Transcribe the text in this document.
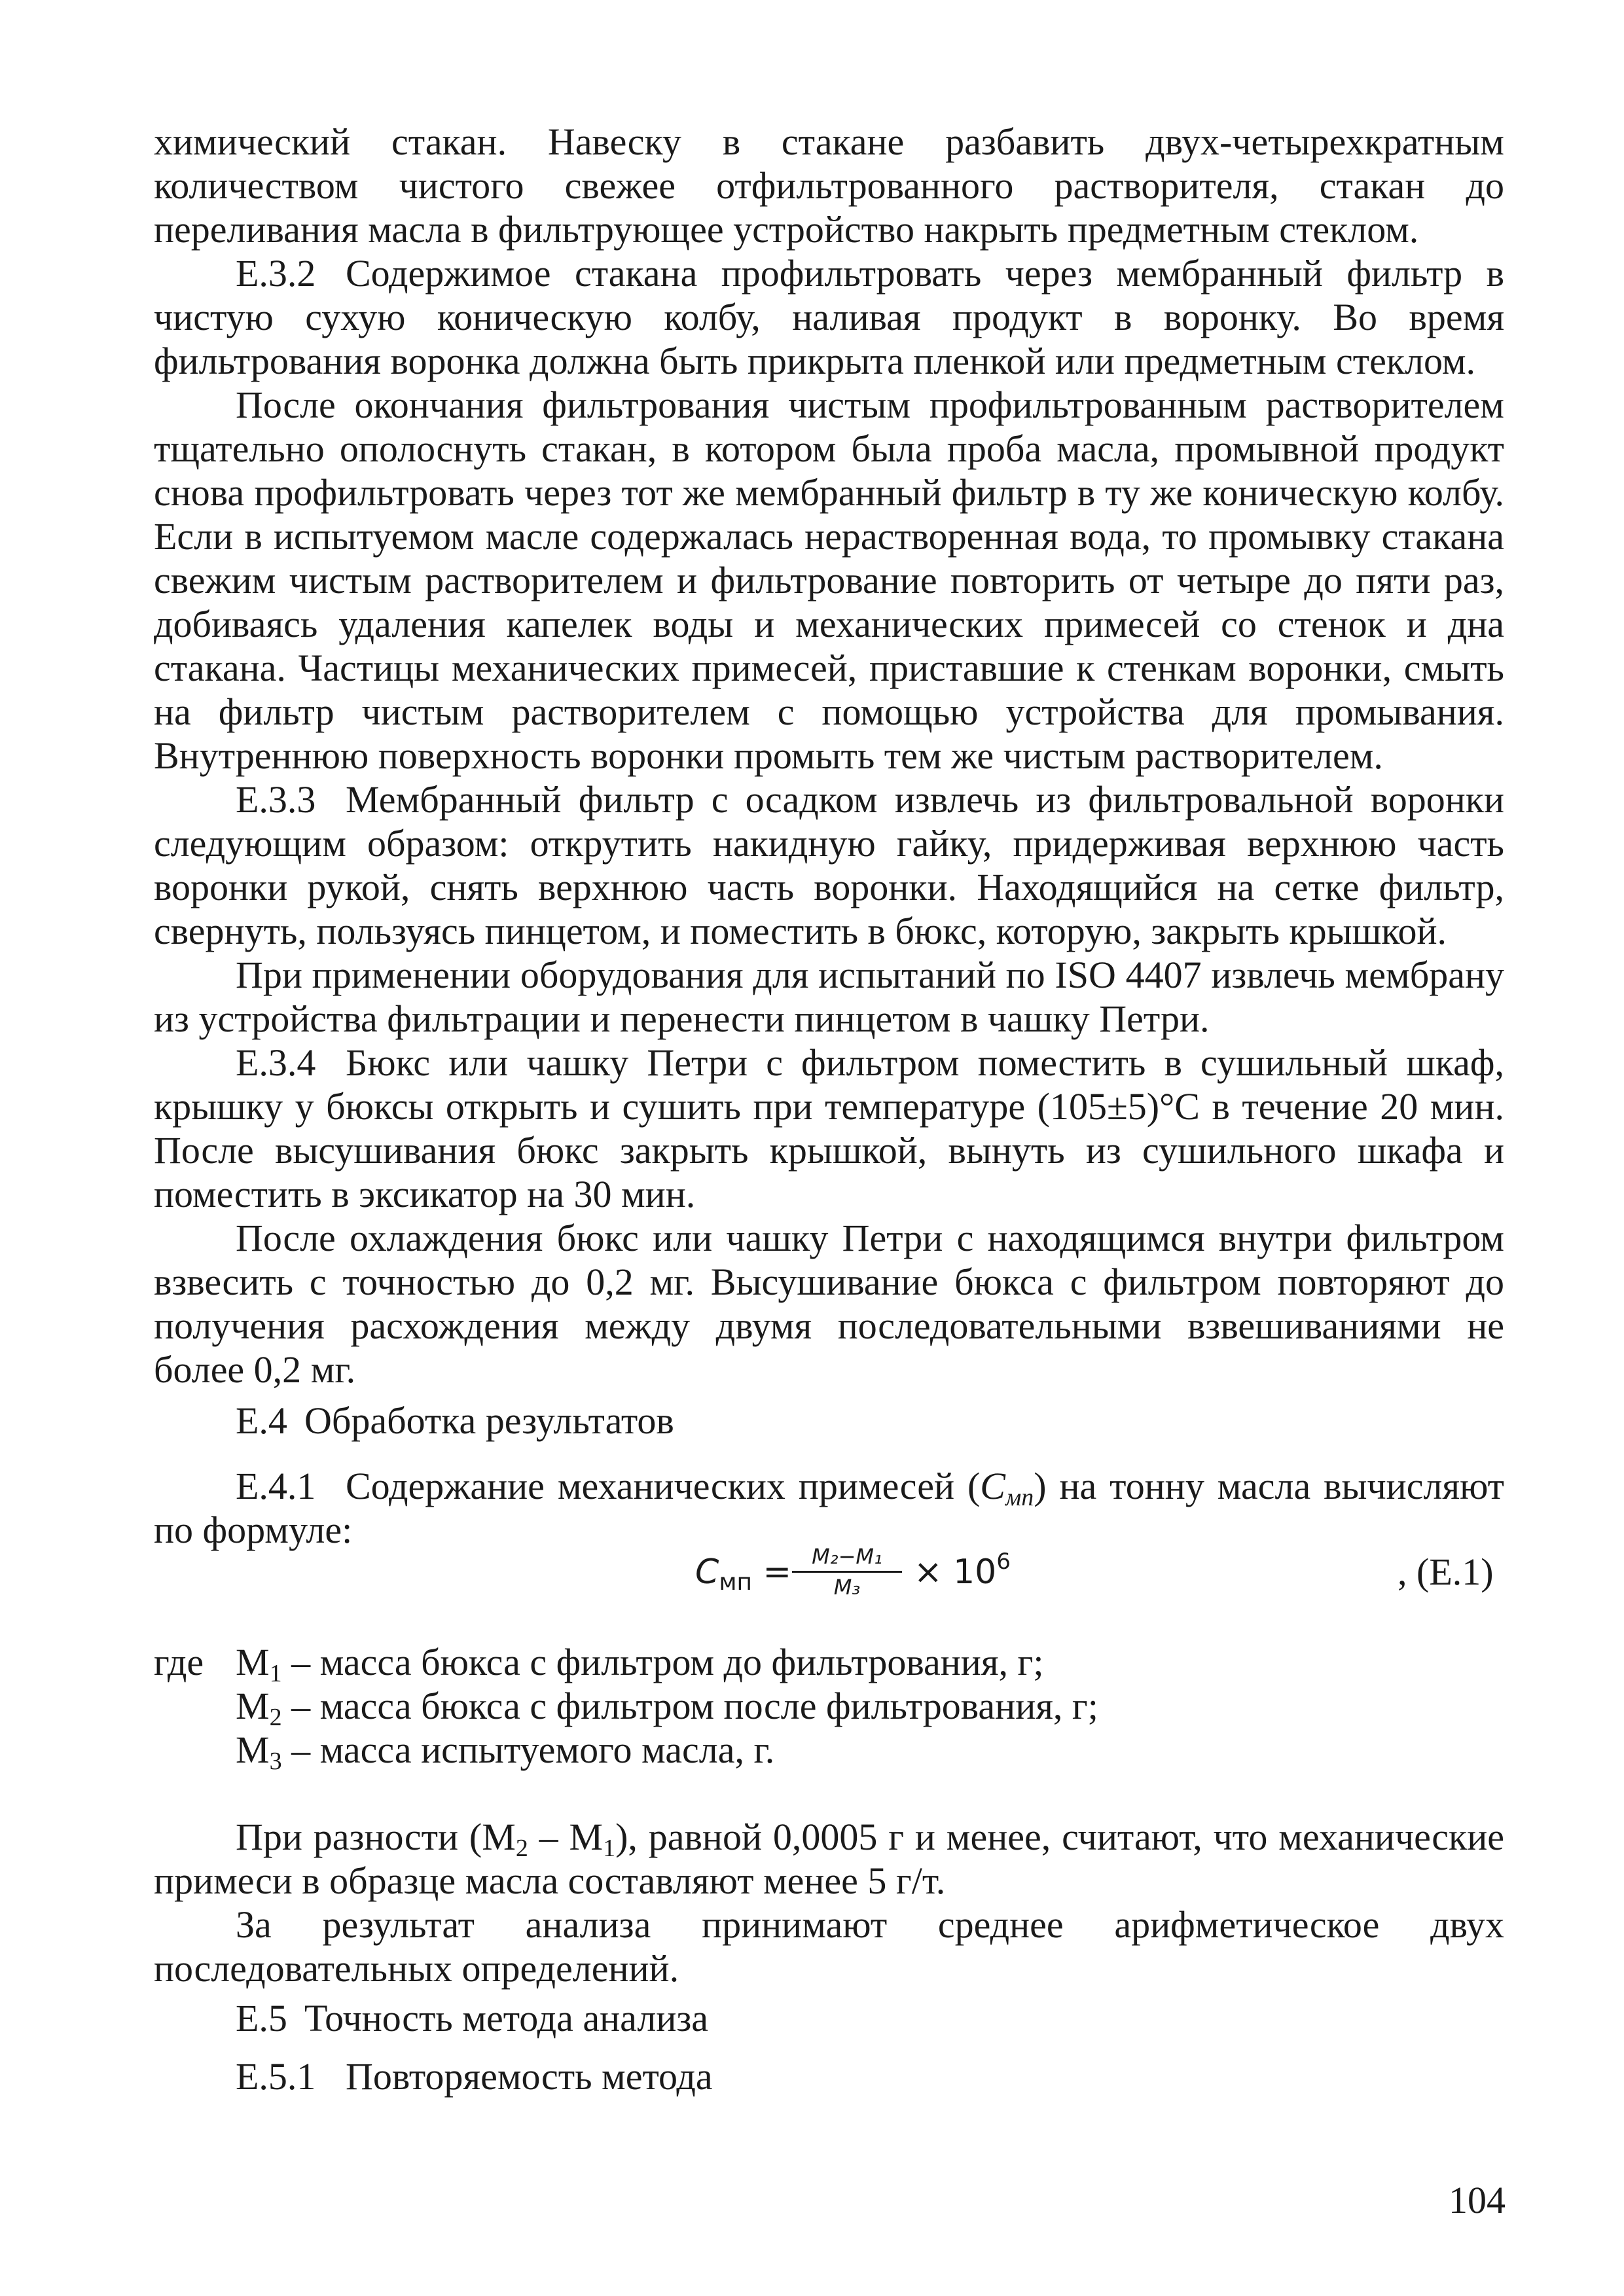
химический стакан. Навеску в стакане разбавить двух-четырехкратным количеством чистого свежее отфильтрованного растворителя, стакан до переливания масла в фильтрующее устройство накрыть предметным стеклом.

Е.3.2 Содержимое стакана профильтровать через мембранный фильтр в чистую сухую коническую колбу, наливая продукт в воронку. Во время фильтрования воронка должна быть прикрыта пленкой или предметным стеклом.

После окончания фильтрования чистым профильтрованным растворителем тщательно ополоснуть стакан, в котором была проба масла, промывной продукт снова профильтровать через тот же мембранный фильтр в ту же коническую колбу. Если в испытуемом масле содержалась нерастворенная вода, то промывку стакана свежим чистым растворителем и фильтрование повторить от четыре до пяти раз, добиваясь удаления капелек воды и механических примесей со стенок и дна стакана. Частицы механических примесей, приставшие к стенкам воронки, смыть на фильтр чистым растворителем с помощью устройства для промывания. Внутреннюю поверхность воронки промыть тем же чистым растворителем.

Е.3.3 Мембранный фильтр с осадком извлечь из фильтровальной воронки следующим образом: открутить накидную гайку, придерживая верхнюю часть воронки рукой, снять верхнюю часть воронки. Находящийся на сетке фильтр, свернуть, пользуясь пинцетом, и поместить в бюкс, которую, закрыть крышкой.

При применении оборудования для испытаний по ISO 4407 извлечь мембрану из устройства фильтрации и перенести пинцетом в чашку Петри.

Е.3.4 Бюкс или чашку Петри с фильтром поместить в сушильный шкаф, крышку у бюксы открыть и сушить при температуре (105±5)°С в течение 20 мин. После высушивания бюкс закрыть крышкой, вынуть из сушильного шкафа и поместить в эксикатор на 30 мин.

После охлаждения бюкс или чашку Петри с находящимся внутри фильтром взвесить с точностью до 0,2 мг. Высушивание бюкса с фильтром повторяют до получения расхождения между двумя последовательными взвешиваниями не более 0,2 мг.

Е.4 Обработка результатов

Е.4.1 Содержание механических примесей $(С_{мп})$ на тонну масла вычисляют по формуле:

Cмп = $\frac{\text{M₂−M₁}}{\text{M₃}} \times 10^6$	, (Е.1)
где $М_1$ – масса бюкса с фильтром до фильтрования, г;
$М_2$ – масса бюкса с фильтром после фильтрования, г;
$М_3$ – масса испытуемого масла, г.

При разности $(М_2 - М_1)$, равной 0,0005 г и менее, считают, что механические примеси в образце масла составляют менее 5 г/т.

За результат анализа принимают среднее арифметическое двух последовательных определений.

Е.5 Точность метода анализа

Е.5.1 Повторяемость метода

104
